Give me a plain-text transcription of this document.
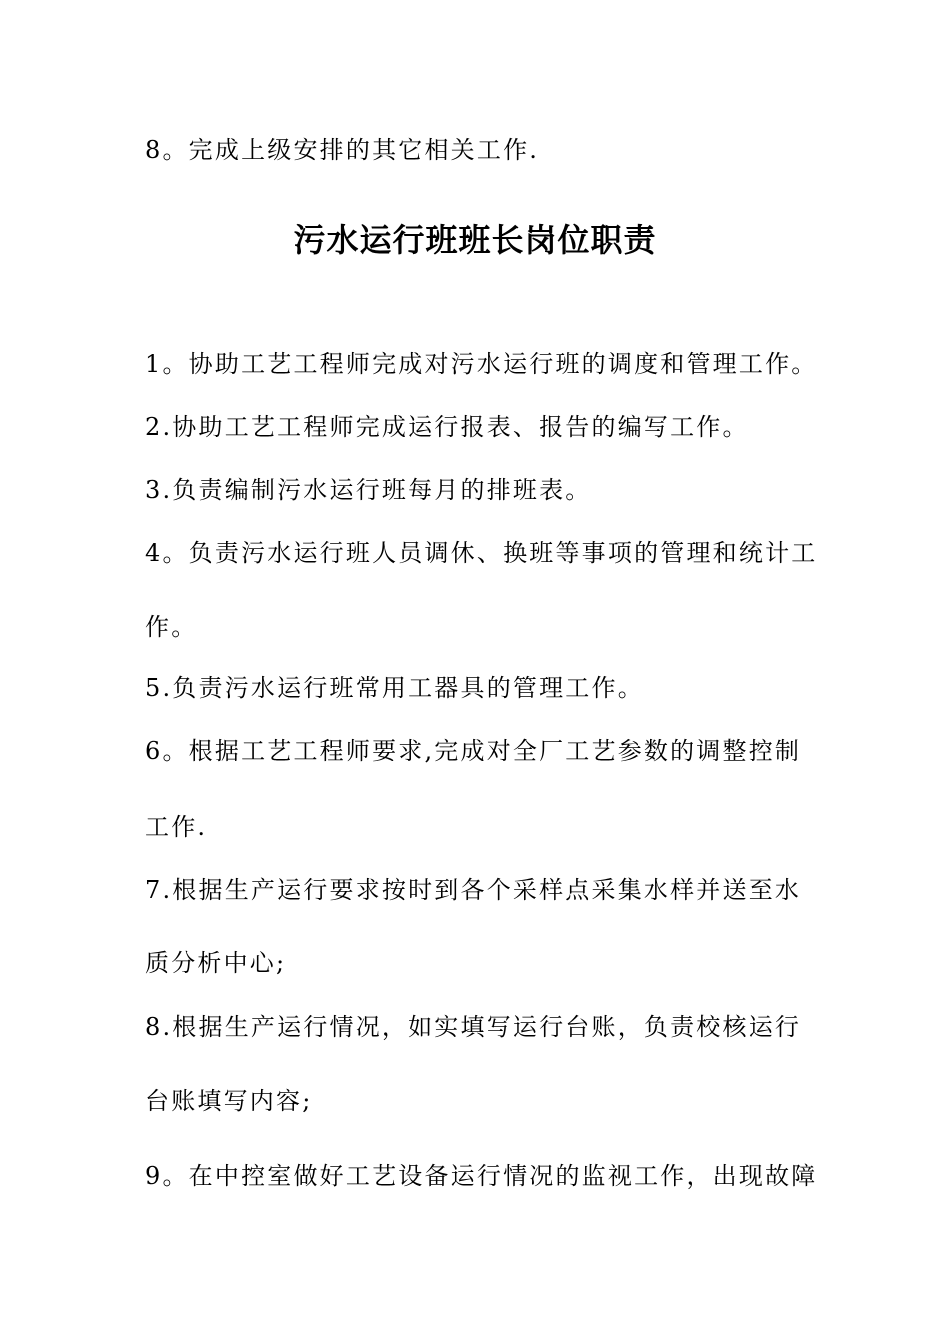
8。完成上级安排的其它相关工作.
污水运行班班长岗位职责
1。协助工艺工程师完成对污水运行班的调度和管理工作。
2.协助工艺工程师完成运行报表、报告的编写工作。
3.负责编制污水运行班每月的排班表。
4。负责污水运行班人员调休、换班等事项的管理和统计工
作。
5.负责污水运行班常用工器具的管理工作。
6。根据工艺工程师要求,完成对全厂工艺参数的调整控制
工作.
7.根据生产运行要求按时到各个采样点采集水样并送至水
质分析中心;
8.根据生产运行情况，如实填写运行台账，负责校核运行
台账填写内容;
9。在中控室做好工艺设备运行情况的监视工作，出现故障
